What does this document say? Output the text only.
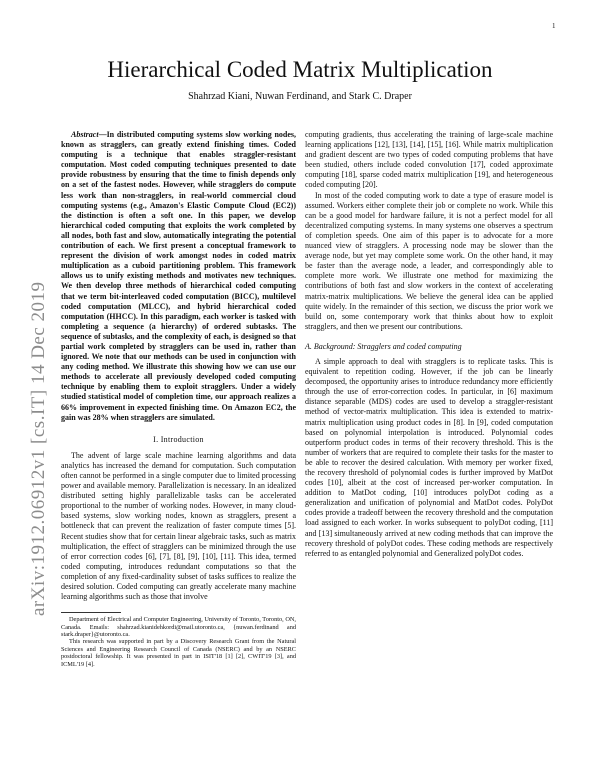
1
arXiv:1912.06912v1 [cs.IT] 14 Dec 2019
Hierarchical Coded Matrix Multiplication
Shahrzad Kiani, Nuwan Ferdinand, and Stark C. Draper

Abstract—In distributed computing systems slow working nodes, known as stragglers, can greatly extend finishing times. Coded computing is a technique that enables straggler-resistant computation. Most coded computing techniques presented to date provide robustness by ensuring that the time to finish depends only on a set of the fastest nodes. However, while stragglers do compute less work than non-stragglers, in real-world commercial cloud computing systems (e.g., Amazon's Elastic Compute Cloud (EC2)) the distinction is often a soft one. In this paper, we develop hierarchical coded computing that exploits the work completed by all nodes, both fast and slow, automatically integrating the potential contribution of each. We first present a conceptual framework to represent the division of work amongst nodes in coded matrix multiplication as a cuboid partitioning problem. This framework allows us to unify existing methods and motivates new techniques. We then develop three methods of hierarchical coded computing that we term bit-interleaved coded computation (BICC), multilevel coded computation (MLCC), and hybrid hierarchical coded computation (HHCC). In this paradigm, each worker is tasked with completing a sequence (a hierarchy) of ordered subtasks. The sequence of subtasks, and the complexity of each, is designed so that partial work completed by stragglers can be used in, rather than ignored. We note that our methods can be used in conjunction with any coding method. We illustrate this showing how we can use our methods to accelerate all previously developed coded computing technique by enabling them to exploit stragglers. Under a widely studied statistical model of completion time, our approach realizes a 66% improvement in expected finishing time. On Amazon EC2, the gain was 28% when stragglers are simulated.

I. Introduction

The advent of large scale machine learning algorithms and data analytics has increased the demand for computation. Such computation often cannot be performed in a single computer due to limited processing power and available memory. Parallelization is necessary. In an idealized distributed setting highly parallelizable tasks can be accelerated proportional to the number of working nodes. However, in many cloud-based systems, slow working nodes, known as stragglers, present a bottleneck that can prevent the realization of faster compute times [5]. Recent studies show that for certain linear algebraic tasks, such as matrix multiplication, the effect of stragglers can be minimized through the use of error correction codes [6], [7], [8], [9], [10], [11]. This idea, termed coded computing, introduces redundant computations so that the completion of any fixed-cardinality subset of tasks suffices to realize the desired solution. Coded computing can greatly accelerate many machine learning algorithms such as those that involve

Department of Electrical and Computer Engineering, University of Toronto, Toronto, ON, Canada. Emails: shahrzad.kianidehkordi@mail.utoronto.ca, {nuwan.ferdinand and stark.draper}@utoronto.ca.

This research was supported in part by a Discovery Research Grant from the Natural Sciences and Engineering Research Council of Canada (NSERC) and by an NSERC postdoctoral fellowship. It was presented in part in ISIT'18 [1] [2], CWIT'19 [3], and ICML'19 [4].

computing gradients, thus accelerating the training of large-scale machine learning applications [12], [13], [14], [15], [16]. While matrix multiplication and gradient descent are two types of coded computing problems that have been studied, others include coded convolution [17], coded approximate computing [18], sparse coded matrix multiplication [19], and heterogeneous coded computing [20].

In most of the coded computing work to date a type of erasure model is assumed. Workers either complete their job or complete no work. While this can be a good model for hardware failure, it is not a perfect model for all decentralized computing systems. In many systems one observes a spectrum of completion speeds. One aim of this paper is to advocate for a more nuanced view of stragglers. A processing node may be slower than the average node, but yet may complete some work. On the other hand, it may be faster than the average node, a leader, and correspondingly able to complete more work. We illustrate one method for maximizing the contributions of both fast and slow workers in the context of accelerating matrix-matrix multiplications. We believe the general idea can be applied quite widely. In the remainder of this section, we discuss the prior work we build on, some contemporary work that thinks about how to exploit stragglers, and then we present our contributions.

A. Background: Stragglers and coded computing

A simple approach to deal with stragglers is to replicate tasks. This is equivalent to repetition coding. However, if the job can be linearly decomposed, the opportunity arises to introduce redundancy more efficiently through the use of error-correction codes. In particular, in [6] maximum distance separable (MDS) codes are used to develop a straggler-resistant method of vector-matrix multiplication. This idea is extended to matrix-matrix multiplication using product codes in [8]. In [9], coded computation based on polynomial interpolation is introduced. Polynomial codes outperform product codes in terms of their recovery threshold. This is the number of workers that are required to complete their tasks for the master to be able to recover the desired calculation. With memory per worker fixed, the recovery threshold of polynomial codes is further improved by MatDot codes [10], albeit at the cost of increased per-worker computation. In addition to MatDot coding, [10] introduces polyDot coding as a generalization and unification of polynomial and MatDot codes. PolyDot codes provide a tradeoff between the recovery threshold and the computation load assigned to each worker. In works subsequent to polyDot coding, [11] and [13] simultaneously arrived at new coding methods that can improve the recovery threshold of polyDot codes. These coding methods are respectively referred to as entangled polynomial and Generalized polyDot codes.
